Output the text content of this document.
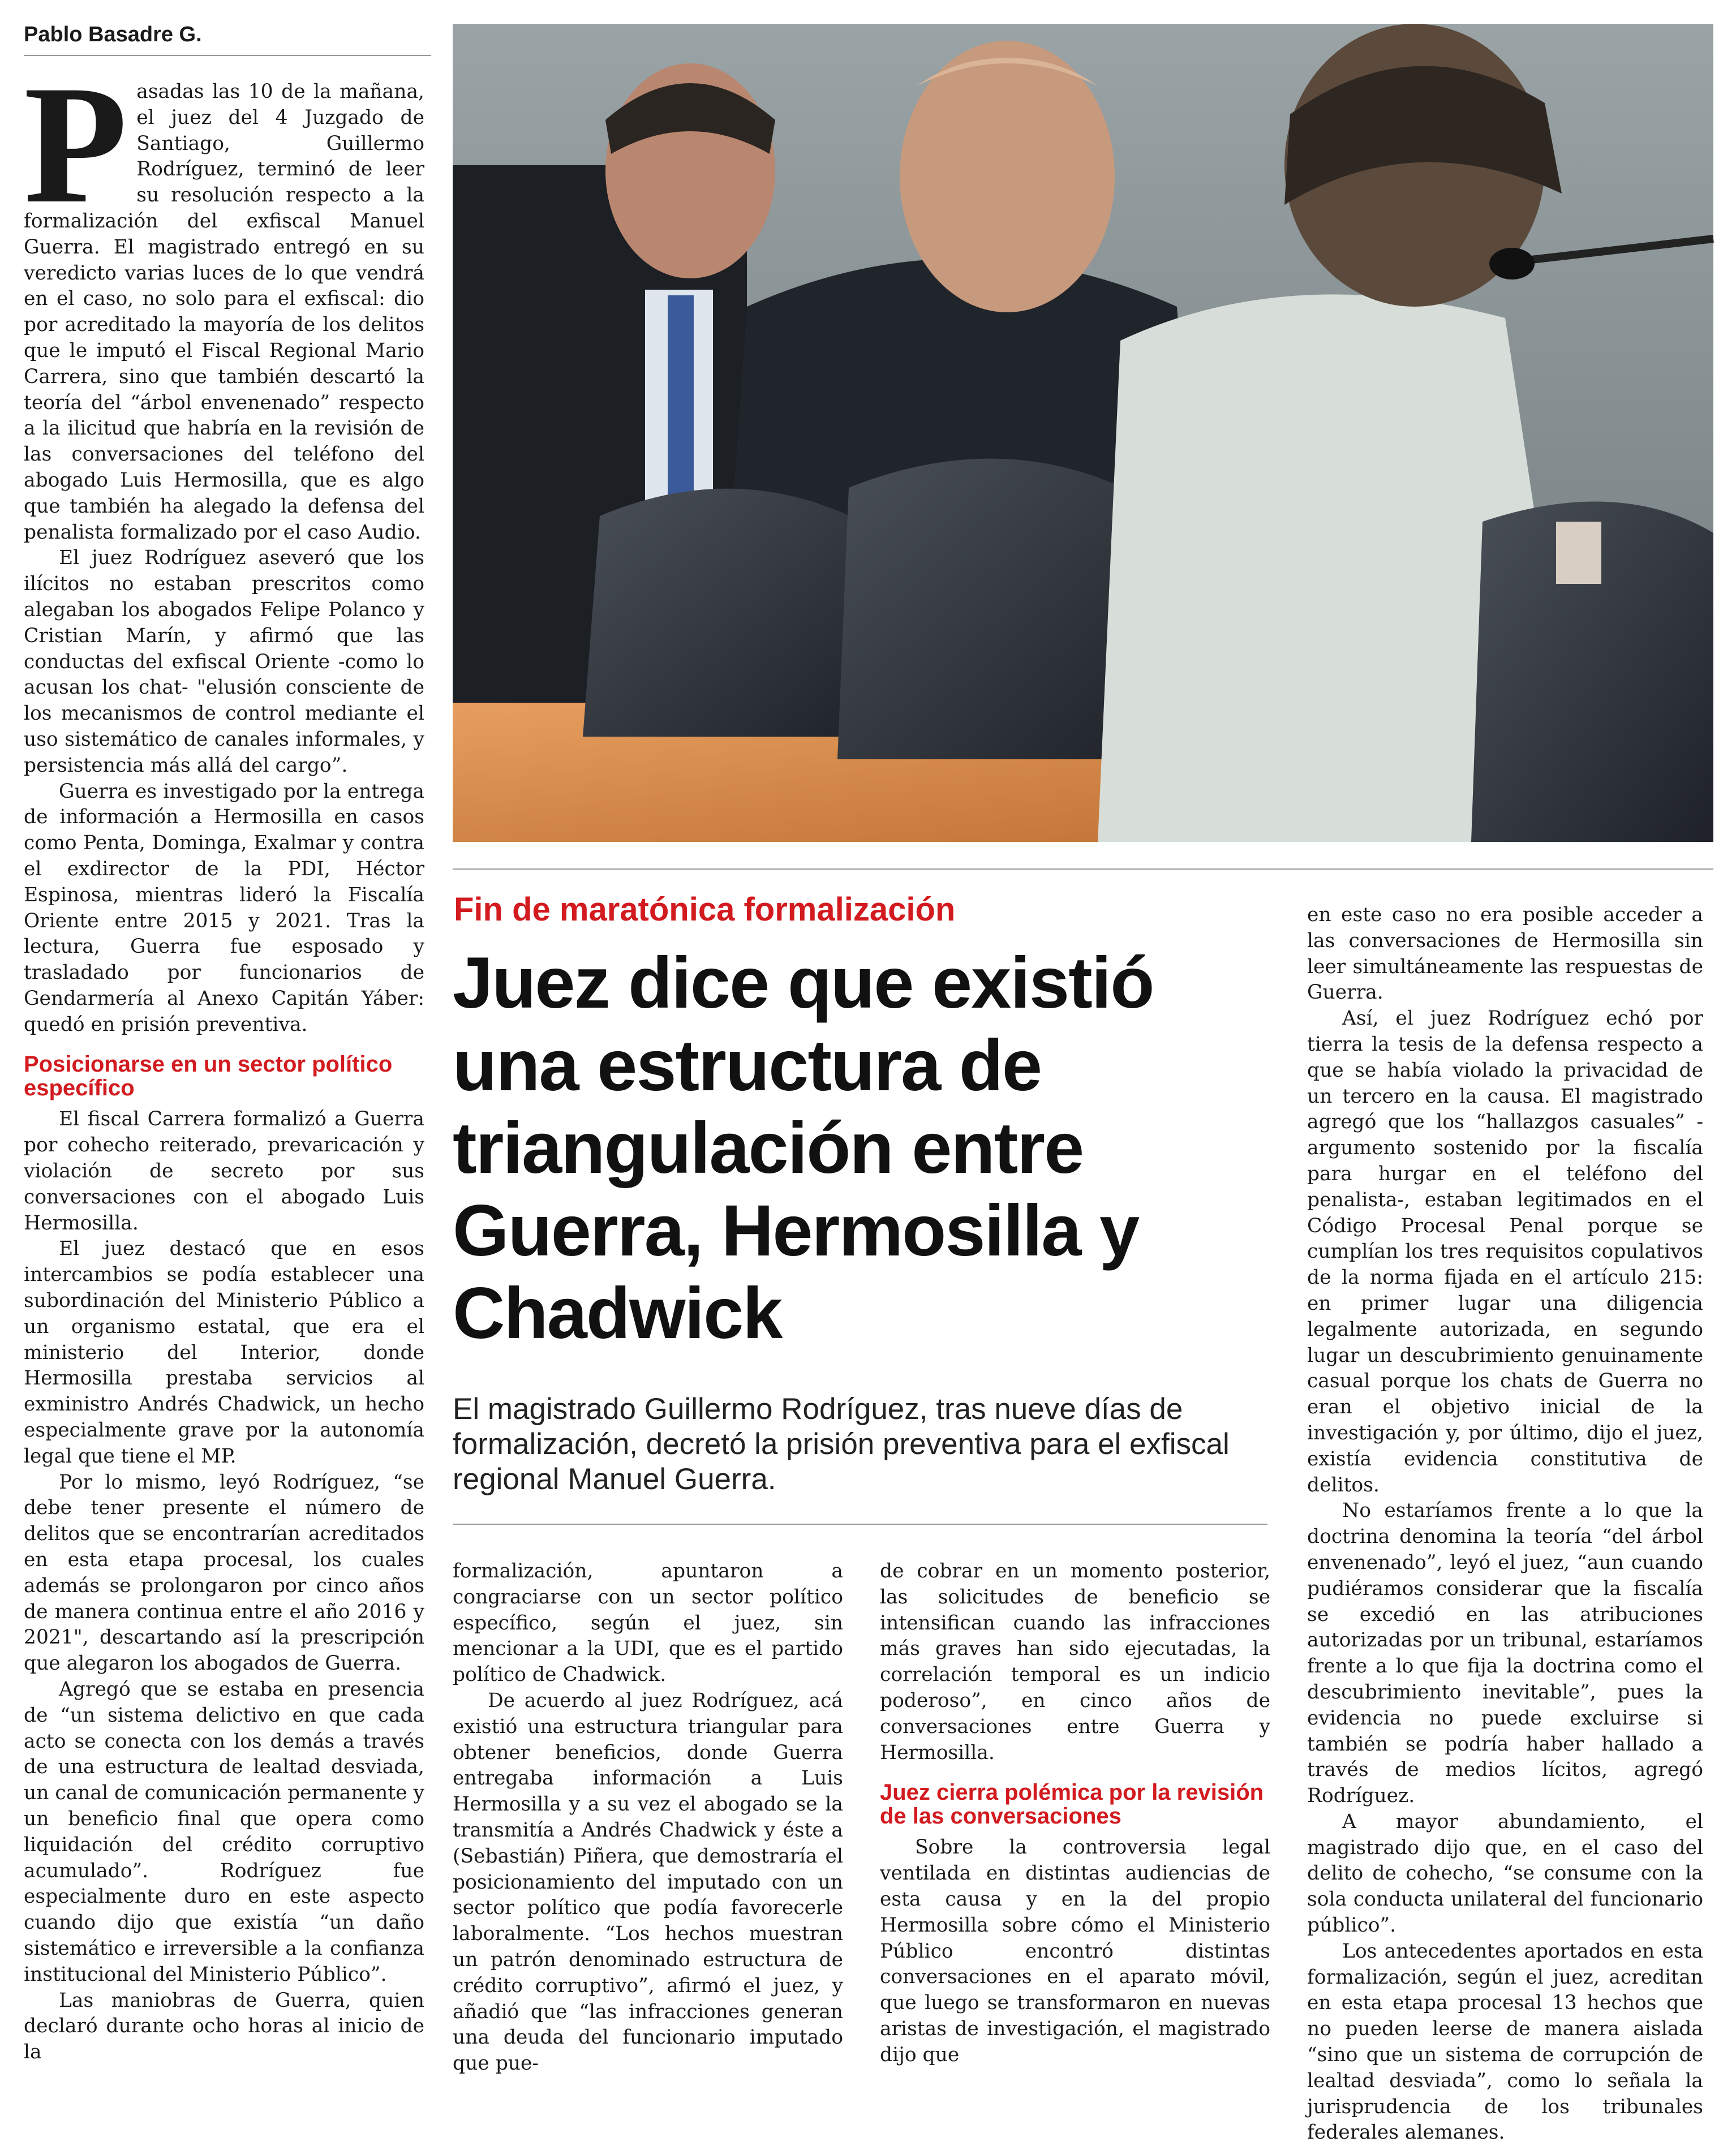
Pablo Basadre G.
P asadas las 10 de la mañana, el juez del 4 Juzgado de Santiago, Guillermo Rodríguez, terminó de leer su resolución respecto a la formalización del exfiscal Manuel Guerra. El magistrado entregó en su veredicto varias luces de lo que vendrá en el caso, no solo para el exfiscal: dio por acreditado la mayoría de los delitos que le imputó el Fiscal Regional Mario Carrera, sino que también descartó la teoría del “árbol envenenado” respecto a la ilicitud que habría en la revisión de las conversaciones del teléfono del abogado Luis Hermosilla, que es algo que también ha alegado la defensa del penalista formalizado por el caso Audio.

El juez Rodríguez aseveró que los ilícitos no estaban prescritos como alegaban los abogados Felipe Polanco y Cristian Marín, y afirmó que las conductas del exfiscal Oriente -como lo acusan los chat- "elusión consciente de los mecanismos de control mediante el uso sistemático de canales informales, y persistencia más allá del cargo”.

Guerra es investigado por la entrega de información a Hermosilla en casos como Penta, Dominga, Exalmar y contra el exdirector de la PDI, Héctor Espinosa, mientras lideró la Fiscalía Oriente entre 2015 y 2021. Tras la lectura, Guerra fue esposado y trasladado por funcionarios de Gendarmería al Anexo Capitán Yáber: quedó en prisión preventiva.

Posicionarse en un sector político específico

El fiscal Carrera formalizó a Guerra por cohecho reiterado, prevaricación y violación de secreto por sus conversaciones con el abogado Luis Hermosilla.

El juez destacó que en esos intercambios se podía establecer una subordinación del Ministerio Público a un organismo estatal, que era el ministerio del Interior, donde Hermosilla prestaba servicios al exministro Andrés Chadwick, un hecho especialmente grave por la autonomía legal que tiene el MP.

Por lo mismo, leyó Rodríguez, “se debe tener presente el número de delitos que se encontrarían acreditados en esta etapa procesal, los cuales además se prolongaron por cinco años de manera continua entre el año 2016 y 2021", descartando así la prescripción que alegaron los abogados de Guerra.

Agregó que se estaba en presencia de “un sistema delictivo en que cada acto se conecta con los demás a través de una estructura de lealtad desviada, un canal de comunicación permanente y un beneficio final que opera como liquidación del crédito corruptivo acumulado”. Rodríguez fue especialmente duro en este aspecto cuando dijo que existía “un daño sistemático e irreversible a la confianza institucional del Ministerio Público”.

Las maniobras de Guerra, quien declaró durante ocho horas al inicio de la

Fin de maratónica formalización
Juez dice que existió una estructura de triangulación entre Guerra, Hermosilla y Chadwick
El magistrado Guillermo Rodríguez, tras nueve días de formalización, decretó la prisión preventiva para el exfiscal regional Manuel Guerra.

formalización, apuntaron a congraciarse con un sector político específico, según el juez, sin mencionar a la UDI, que es el partido político de Chadwick.

De acuerdo al juez Rodríguez, acá existió una estructura triangular para obtener beneficios, donde Guerra entregaba información a Luis Hermosilla y a su vez el abogado se la transmitía a Andrés Chadwick y éste a (Sebastián) Piñera, que demostraría el posicionamiento del imputado con un sector político que podía favorecerle laboralmente. “Los hechos muestran un patrón denominado estructura de crédito corruptivo”, afirmó el juez, y añadió que “las infracciones generan una deuda del funcionario imputado que pue-

de cobrar en un momento posterior, las solicitudes de beneficio se intensifican cuando las infracciones más graves han sido ejecutadas, la correlación temporal es un indicio poderoso”, en cinco años de conversaciones entre Guerra y Hermosilla.

Juez cierra polémica por la revisión de las conversaciones

Sobre la controversia legal ventilada en distintas audiencias de esta causa y en la del propio Hermosilla sobre cómo el Ministerio Público encontró distintas conversaciones en el aparato móvil, que luego se transformaron en nuevas aristas de investigación, el magistrado dijo que

en este caso no era posible acceder a las conversaciones de Hermosilla sin leer simultáneamente las respuestas de Guerra.

Así, el juez Rodríguez echó por tierra la tesis de la defensa respecto a que se había violado la privacidad de un tercero en la causa. El magistrado agregó que los “hallazgos casuales” -argumento sostenido por la fiscalía para hurgar en el teléfono del penalista-, estaban legitimados en el Código Procesal Penal porque se cumplían los tres requisitos copulativos de la norma fijada en el artículo 215: en primer lugar una diligencia legalmente autorizada, en segundo lugar un descubrimiento genuinamente casual porque los chats de Guerra no eran el objetivo inicial de la investigación y, por último, dijo el juez, existía evidencia constitutiva de delitos.

No estaríamos frente a lo que la doctrina denomina la teoría “del árbol envenenado”, leyó el juez, “aun cuando pudiéramos considerar que la fiscalía se excedió en las atribuciones autorizadas por un tribunal, estaríamos frente a lo que fija la doctrina como el descubrimiento inevitable”, pues la evidencia no puede excluirse si también se podría haber hallado a través de medios lícitos, agregó Rodríguez.

A mayor abundamiento, el magistrado dijo que, en el caso del delito de cohecho, “se consume con la sola conducta unilateral del funcionario público”.

Los antecedentes aportados en esta formalización, según el juez, acreditan en esta etapa procesal 13 hechos que no pueden leerse de manera aislada “sino que un sistema de corrupción de lealtad desviada”, como lo señala la jurisprudencia de los tribunales federales alemanes.
